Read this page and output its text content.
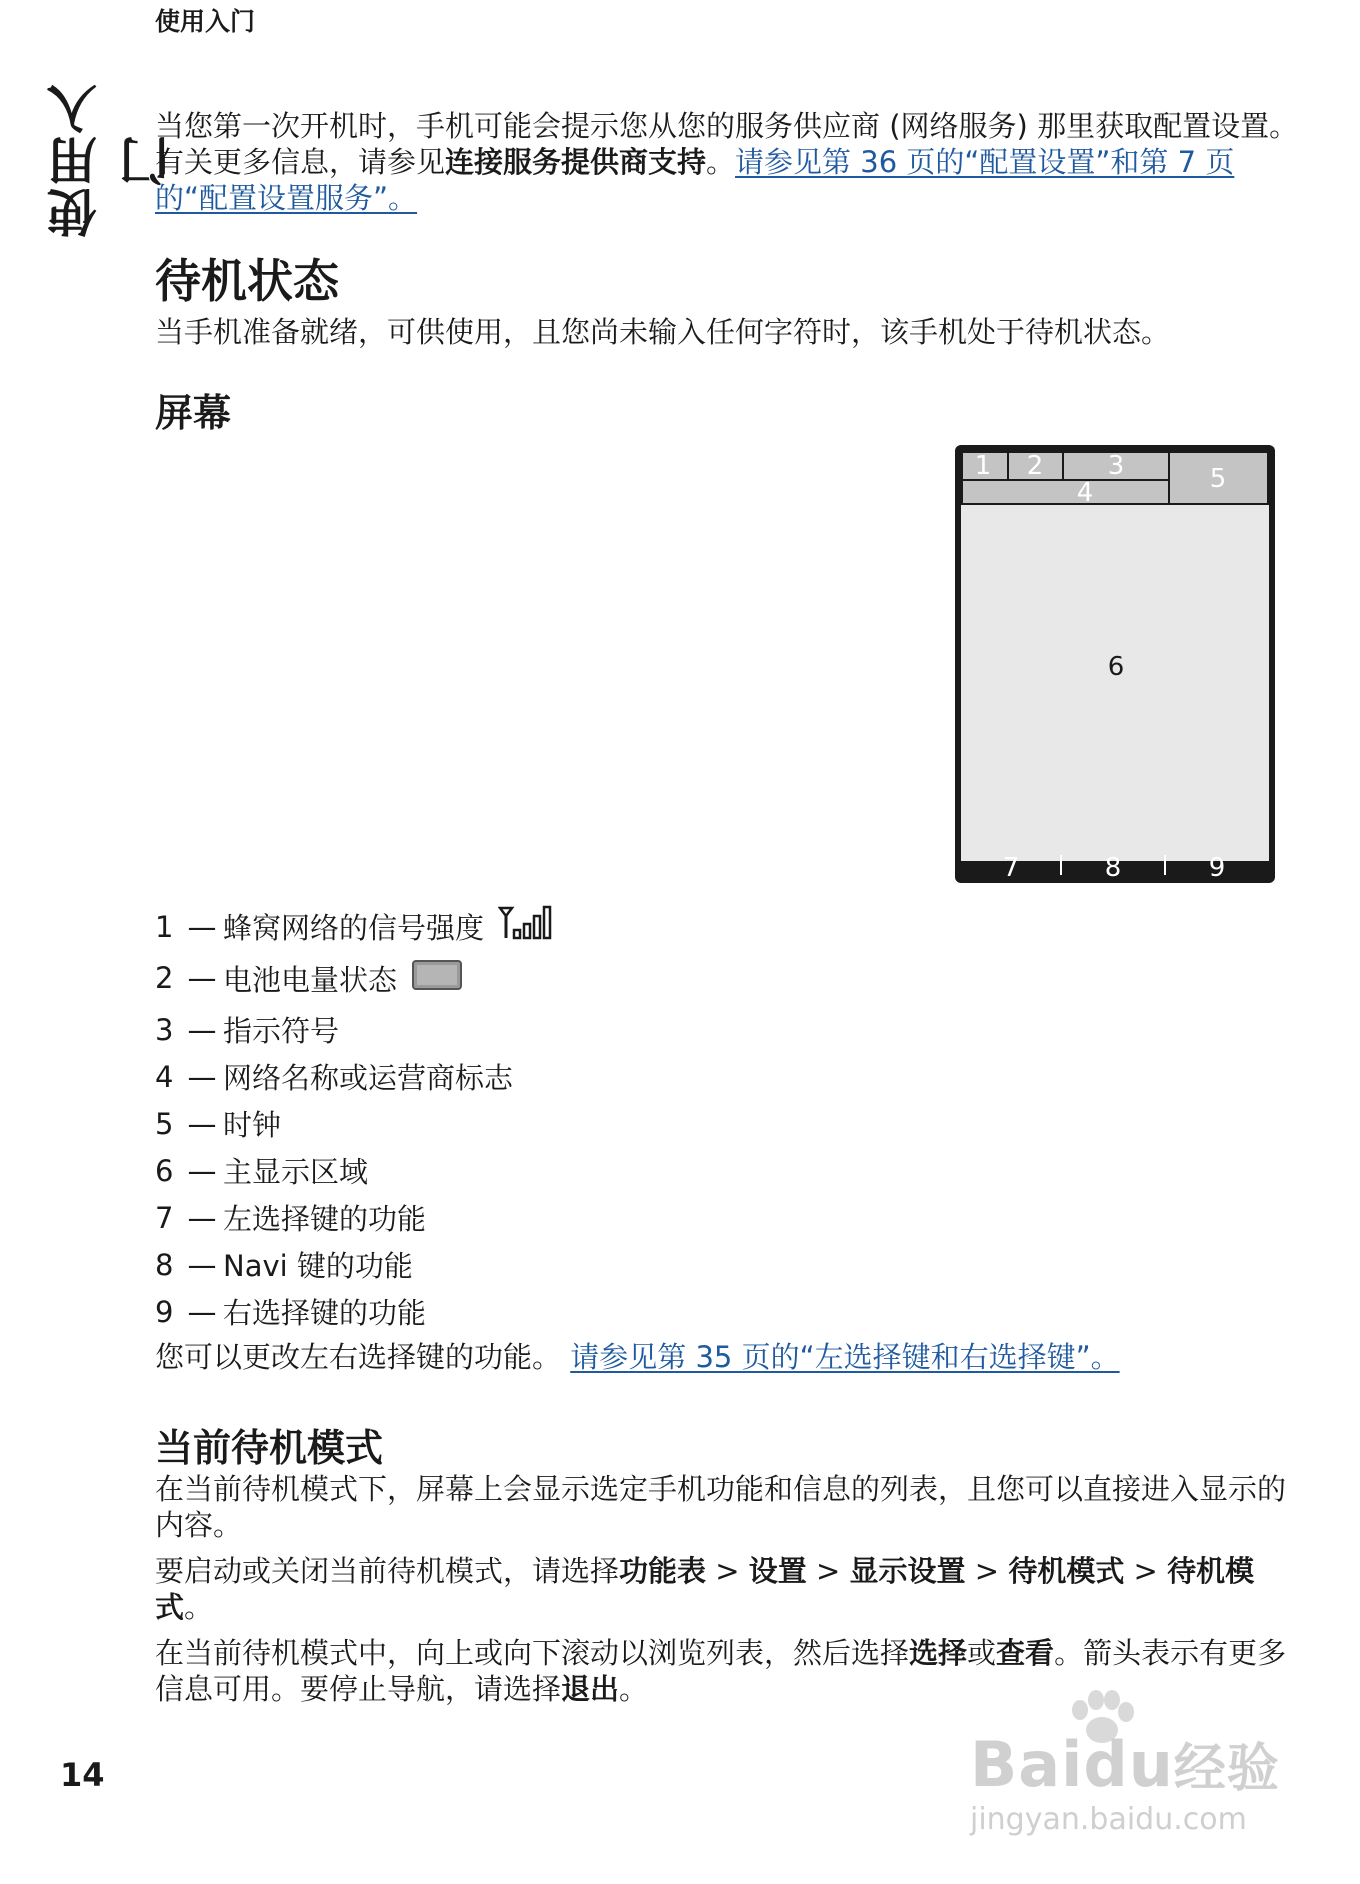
使用入门
使用入门

当您第一次开机时，手机可能会提示您从您的服务供应商 (网络服务) 那里获取配置设置。有关更多信息，请参见连接服务提供商支持。请参见第 36 页的“配置设置”和第 7 页的“配置设置服务”。

待机状态

当手机准备就绪，可供使用，且您尚未输入任何字符时，该手机处于待机状态。

屏幕
1 2 3
4	5
6
7	8	9
1 — 蜂窝网络的信号强度
2 — 电池电量状态
3 — 指示符号
4 — 网络名称或运营商标志
5 — 时钟
6 — 主显示区域
7 — 左选择键的功能
8 — Navi 键的功能
9 — 右选择键的功能

您可以更改左右选择键的功能。 请参见第 35 页的“左选择键和右选择键”。

当前待机模式

在当前待机模式下，屏幕上会显示选定手机功能和信息的列表，且您可以直接进入显示的内容。

要启动或关闭当前待机模式，请选择功能表 > 设置 > 显示设置 > 待机模式 > 待机模式。

在当前待机模式中，向上或向下滚动以浏览列表，然后选择选择或查看。箭头表示有更多信息可用。要停止导航，请选择退出。

14	Baidu经验
jingyan.baidu.com
